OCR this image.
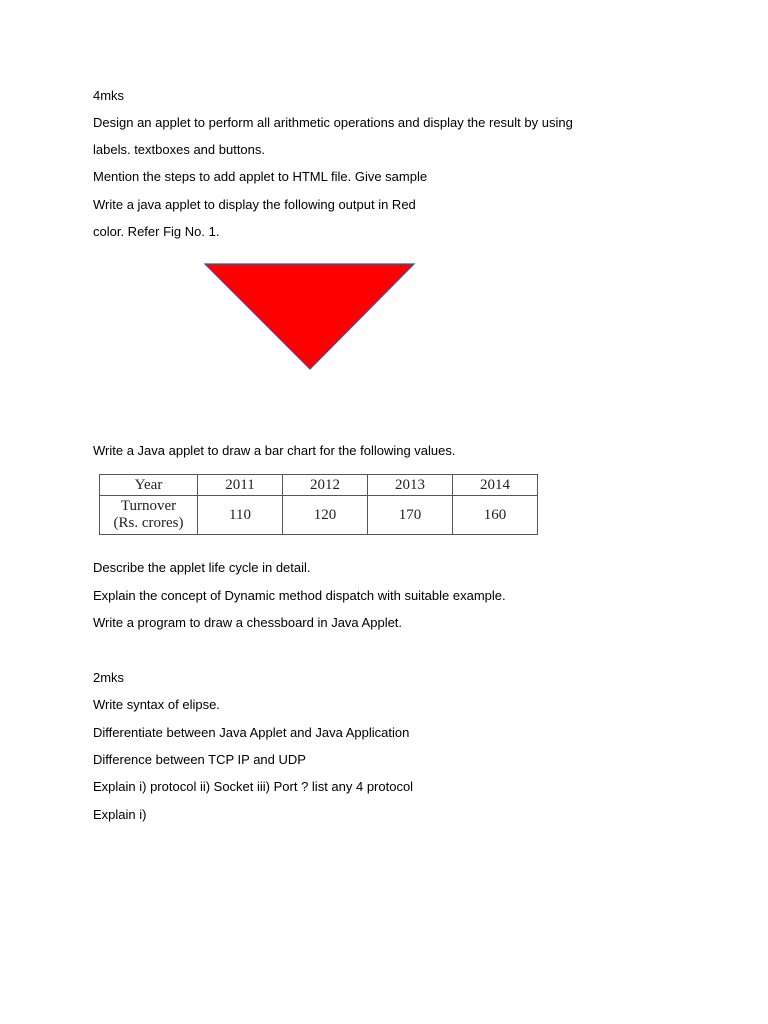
4mks
Design an applet to perform all arithmetic operations and display the result by using
labels. textboxes and buttons.
Mention the steps to add applet to HTML file. Give sample
Write a java applet to display the following output in Red
color. Refer Fig No. 1.
Write a Java applet to draw a bar chart for the following values.
Year	2011	2012	2013	2014

Turnover
(Rs. crores)	110	120	170	160
Describe the applet life cycle in detail.
Explain the concept of Dynamic method dispatch with suitable example.
Write a program to draw a chessboard in Java Applet.
2mks
Write syntax of elipse.
Differentiate between Java Applet and Java Application
Difference between TCP IP and UDP
Explain i) protocol ii) Socket iii) Port ? list any 4 protocol
Explain i)
